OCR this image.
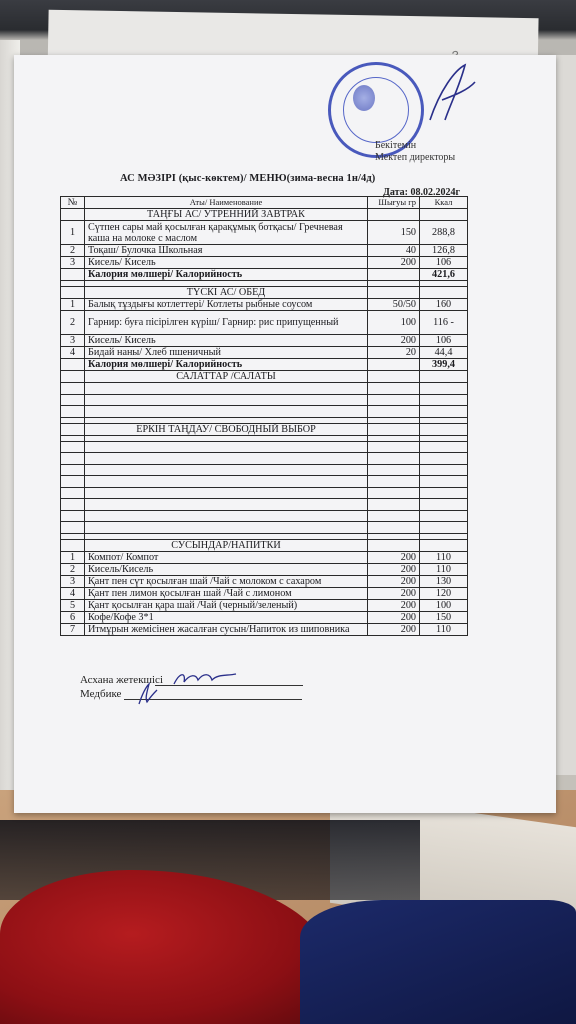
Бекітемін
Мектеп директоры
АС МӘЗІРІ (қыс-көктем)/ МЕНЮ(зима-весна 1н/4д)
Дата: 08.02.2024г
№	Аты/ Наименование	Шығуы гр	Ккал
	ТАҢҒЫ АС/ УТРЕННИЙ ЗАВТРАК		
1	Сүтпен сары май қосылған қарақұмық ботқасы/ Гречневая каша на молоке с маслом	150	288,8
2	Тоқаш/ Булочка Школьная	40	126,8
3	Кисель/ Кисель	200	106
	Калория мөлшері/ Калорийность		421,6

	ТҮСКІ АС/ ОБЕД		
1	Балық тұздығы котлеттері/ Котлеты рыбные соусом	50/50	160
2	Гарнир: буға пісірілген күріш/ Гарнир: рис припущенный	100	116 -
3	Кисель/ Кисель	200	106
4	Бидай наны/ Хлеб пшеничный	20	44,4
	Калория мөлшері/ Калорийность		399,4
	САЛАТТАР /САЛАТЫ		

	ЕРКІН ТАҢДАУ/ СВОБОДНЫЙ ВЫБОР		

	СУСЫНДАР/НАПИТКИ		
1	Компот/ Компот	200	110
2	Кисель/Кисель	200	110
3	Қант пен сүт қосылған шай /Чай с молоком с сахаром	200	130
4	Қант пен лимон қосылған шай /Чай с лимоном	200	120
5	Қант қосылған қара шай /Чай (черный/зеленый)	200	100
6	Кофе/Кофе 3*1	200	150
7	Итмұрын жемісінен жасалған сусын/Напиток из шиповника	200	110
Асхана жетекшісі
Медбике
